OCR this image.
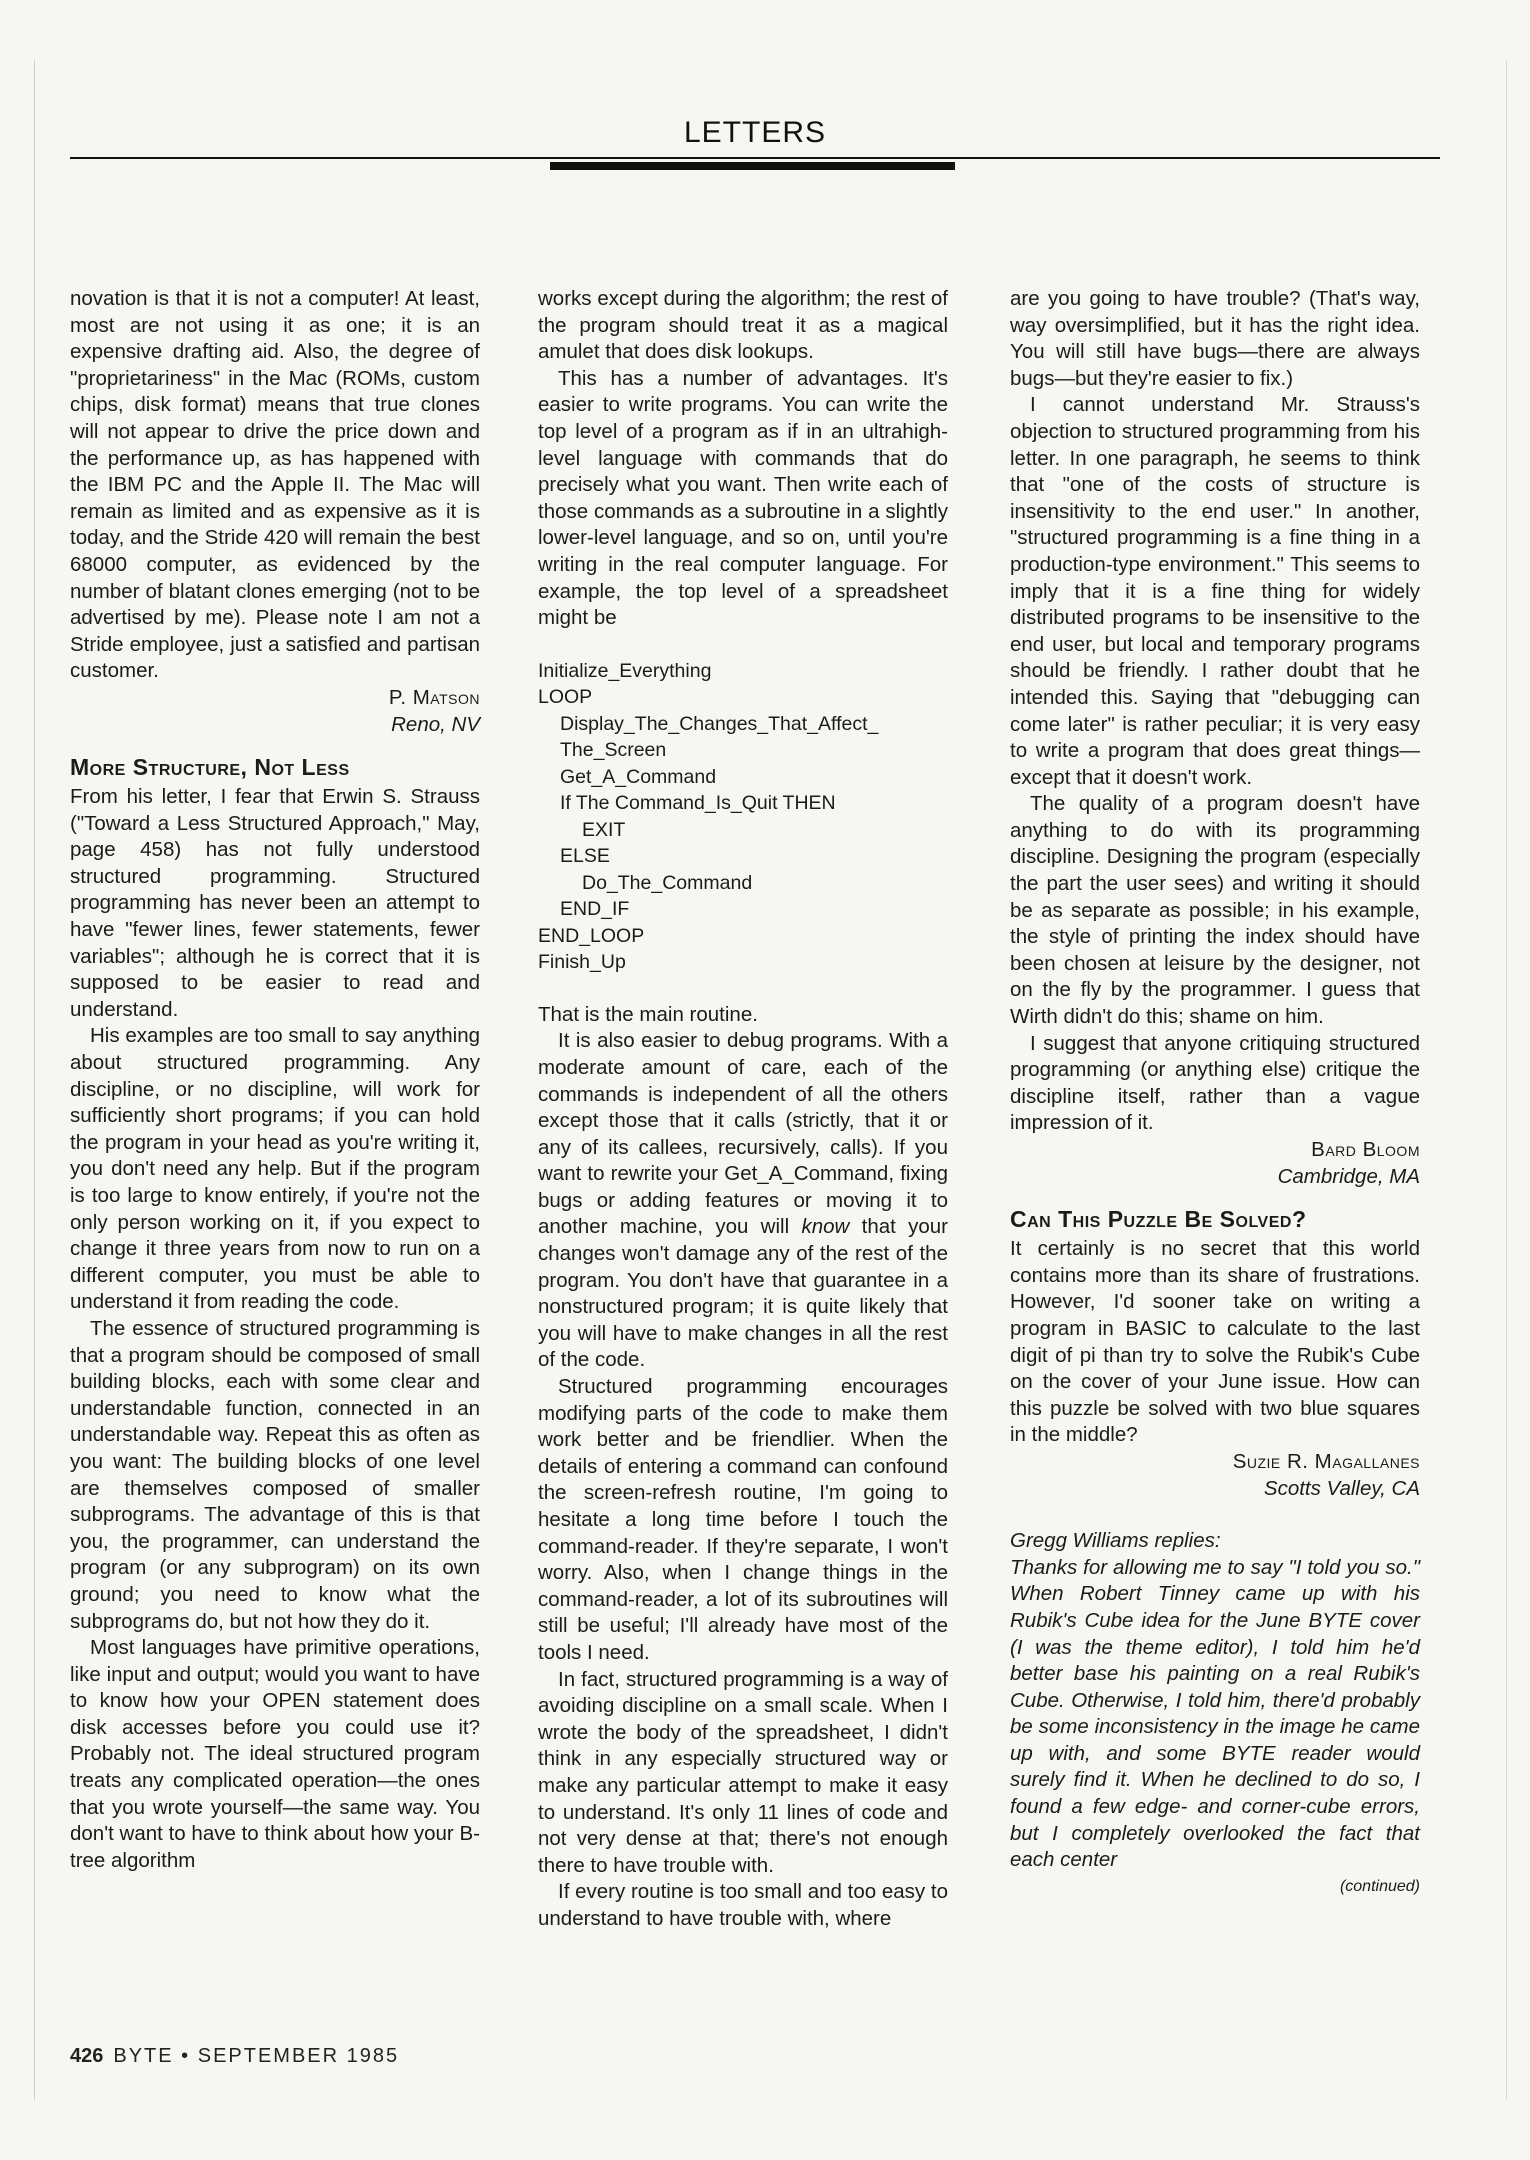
LETTERS

novation is that it is not a computer! At least, most are not using it as one; it is an expensive drafting aid. Also, the degree of "proprietariness" in the Mac (ROMs, custom chips, disk format) means that true clones will not appear to drive the price down and the performance up, as has happened with the IBM PC and the Apple II. The Mac will remain as limited and as expensive as it is today, and the Stride 420 will remain the best 68000 computer, as evidenced by the number of blatant clones emerging (not to be advertised by me). Please note I am not a Stride employee, just a satisfied and partisan customer.

P. Matson
Reno, NV
More Structure, Not Less

From his letter, I fear that Erwin S. Strauss ("Toward a Less Structured Approach," May, page 458) has not fully understood structured programming. Structured programming has never been an attempt to have "fewer lines, fewer statements, fewer variables"; although he is correct that it is supposed to be easier to read and understand.

His examples are too small to say anything about structured programming. Any discipline, or no discipline, will work for sufficiently short programs; if you can hold the program in your head as you're writing it, you don't need any help. But if the program is too large to know entirely, if you're not the only person working on it, if you expect to change it three years from now to run on a different computer, you must be able to understand it from reading the code.

The essence of structured programming is that a program should be composed of small building blocks, each with some clear and understandable function, connected in an understandable way. Repeat this as often as you want: The building blocks of one level are themselves composed of smaller subprograms. The advantage of this is that you, the programmer, can understand the program (or any subprogram) on its own ground; you need to know what the subprograms do, but not how they do it.

Most languages have primitive operations, like input and output; would you want to have to know how your OPEN statement does disk accesses before you could use it? Probably not. The ideal structured program treats any complicated operation—the ones that you wrote yourself—the same way. You don't want to have to think about how your B-tree algorithm

works except during the algorithm; the rest of the program should treat it as a magical amulet that does disk lookups.

This has a number of advantages. It's easier to write programs. You can write the top level of a program as if in an ultrahigh-level language with commands that do precisely what you want. Then write each of those commands as a subroutine in a slightly lower-level language, and so on, until you're writing in the real computer language. For example, the top level of a spreadsheet might be

Initialize_Everything
LOOP
Display_The_Changes_That_Affect_
The_Screen
Get_A_Command
If The Command_Is_Quit THEN
EXIT
ELSE
Do_The_Command
END_IF
END_LOOP
Finish_Up

That is the main routine.

It is also easier to debug programs. With a moderate amount of care, each of the commands is independent of all the others except those that it calls (strictly, that it or any of its callees, recursively, calls). If you want to rewrite your Get_A_Command, fixing bugs or adding features or moving it to another machine, you will know that your changes won't damage any of the rest of the program. You don't have that guarantee in a nonstructured program; it is quite likely that you will have to make changes in all the rest of the code.

Structured programming encourages modifying parts of the code to make them work better and be friendlier. When the details of entering a command can confound the screen-refresh routine, I'm going to hesitate a long time before I touch the command-reader. If they're separate, I won't worry. Also, when I change things in the command-reader, a lot of its subroutines will still be useful; I'll already have most of the tools I need.

In fact, structured programming is a way of avoiding discipline on a small scale. When I wrote the body of the spreadsheet, I didn't think in any especially structured way or make any particular attempt to make it easy to understand. It's only 11 lines of code and not very dense at that; there's not enough there to have trouble with.

If every routine is too small and too easy to understand to have trouble with, where

are you going to have trouble? (That's way, way oversimplified, but it has the right idea. You will still have bugs—there are always bugs—but they're easier to fix.)

I cannot understand Mr. Strauss's objection to structured programming from his letter. In one paragraph, he seems to think that "one of the costs of structure is insensitivity to the end user." In another, "structured programming is a fine thing in a production-type environment." This seems to imply that it is a fine thing for widely distributed programs to be insensitive to the end user, but local and temporary programs should be friendly. I rather doubt that he intended this. Saying that "debugging can come later" is rather peculiar; it is very easy to write a program that does great things—except that it doesn't work.

The quality of a program doesn't have anything to do with its programming discipline. Designing the program (especially the part the user sees) and writing it should be as separate as possible; in his example, the style of printing the index should have been chosen at leisure by the designer, not on the fly by the programmer. I guess that Wirth didn't do this; shame on him.

I suggest that anyone critiquing structured programming (or anything else) critique the discipline itself, rather than a vague impression of it.

Bard Bloom
Cambridge, MA
Can This Puzzle Be Solved?

It certainly is no secret that this world contains more than its share of frustrations. However, I'd sooner take on writing a program in BASIC to calculate to the last digit of pi than try to solve the Rubik's Cube on the cover of your June issue. How can this puzzle be solved with two blue squares in the middle?

Suzie R. Magallanes
Scotts Valley, CA

Gregg Williams replies:

Thanks for allowing me to say "I told you so." When Robert Tinney came up with his Rubik's Cube idea for the June BYTE cover (I was the theme editor), I told him he'd better base his painting on a real Rubik's Cube. Otherwise, I told him, there'd probably be some inconsistency in the image he came up with, and some BYTE reader would surely find it. When he declined to do so, I found a few edge- and corner-cube errors, but I completely overlooked the fact that each center

(continued)
426 BYTE • SEPTEMBER 1985
